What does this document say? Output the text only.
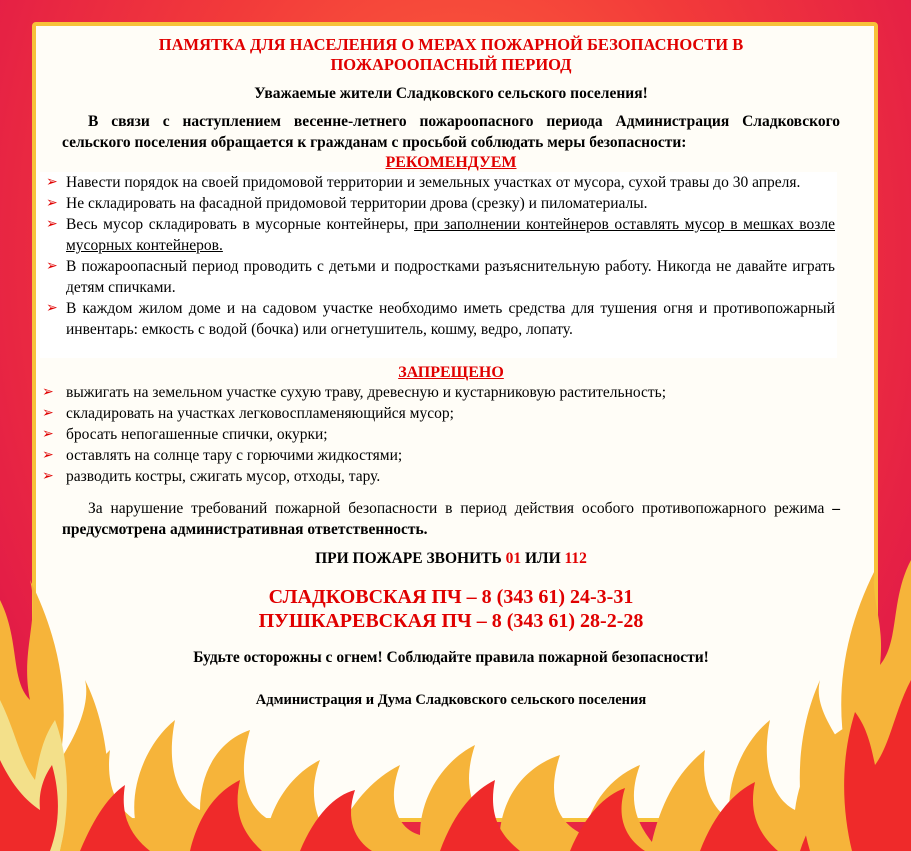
ПАМЯТКА ДЛЯ НАСЕЛЕНИЯ О МЕРАХ ПОЖАРНОЙ БЕЗОПАСНОСТИ В ПОЖАРООПАСНЫЙ ПЕРИОД
Уважаемые жители Сладковского сельского поселения!
В связи с наступлением весенне-летнего пожароопасного периода Администрация Сладковского сельского поселения обращается к гражданам с просьбой соблюдать меры безопасности:
РЕКОМЕНДУЕМ
➢ Навести порядок на своей придомовой территории и земельных участках от мусора, сухой травы до 30 апреля.
➢ Не складировать на фасадной придомовой территории дрова (срезку) и пиломатериалы.
➢ Весь мусор складировать в мусорные контейнеры, при заполнении контейнеров оставлять мусор в мешках возле мусорных контейнеров.
➢ В пожароопасный период проводить с детьми и подростками разъяснительную работу. Никогда не давайте играть детям спичками.
➢ В каждом жилом доме и на садовом участке необходимо иметь средства для тушения огня и противопожарный инвентарь: емкость с водой (бочка) или огнетушитель, кошму, ведро, лопату.
ЗАПРЕЩЕНО
➢ выжигать на земельном участке сухую траву, древесную и кустарниковую растительность;
➢ складировать на участках легковоспламеняющийся мусор;
➢ бросать непогашенные спички, окурки;
➢ оставлять на солнце тару с горючими жидкостями;
➢ разводить костры, сжигать мусор, отходы, тару.
За нарушение требований пожарной безопасности в период действия особого противопожарного режима – предусмотрена административная ответственность.
ПРИ ПОЖАРЕ ЗВОНИТЬ 01 ИЛИ 112
СЛАДКОВСКАЯ ПЧ – 8 (343 61) 24-3-31
ПУШКАРЕВСКАЯ ПЧ – 8 (343 61) 28-2-28
Будьте осторожны с огнем! Соблюдайте правила пожарной безопасности!
Администрация и Дума Сладковского сельского поселения
